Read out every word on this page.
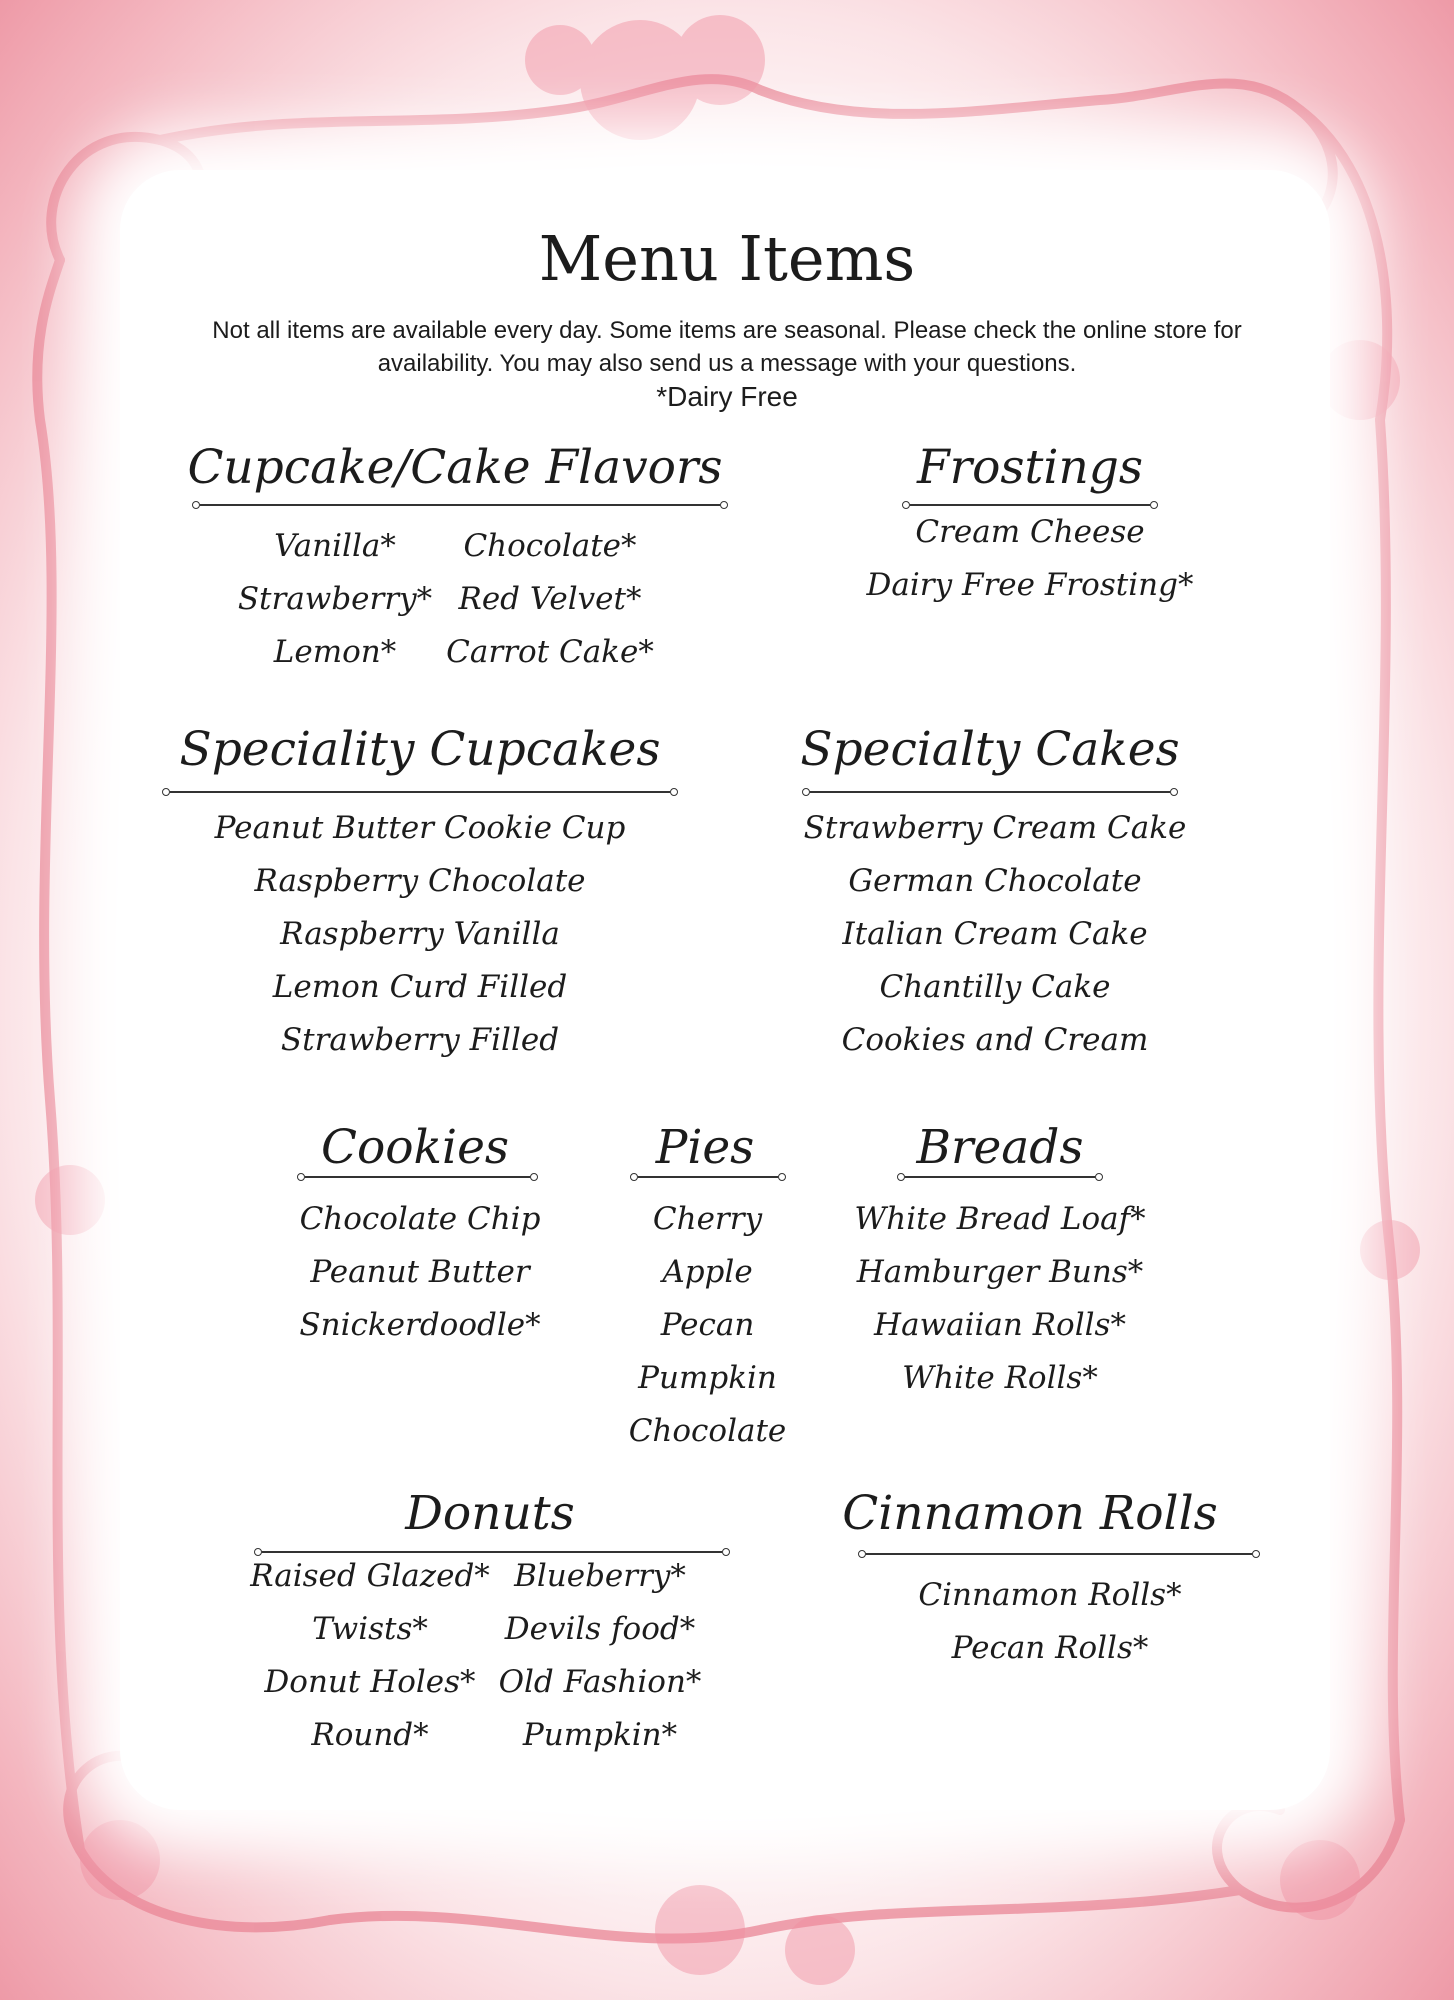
Menu Items
Not all items are available every day. Some items are seasonal. Please check the online store for availability. You may also send us a message with your questions.
*Dairy Free
Cupcake/Cake Flavors
Vanilla*
Strawberry*
Lemon*
Chocolate*
Red Velvet*
Carrot Cake*
Frostings
Cream Cheese
Dairy Free Frosting*
Speciality Cupcakes
Peanut Butter Cookie Cup
Raspberry Chocolate
Raspberry Vanilla
Lemon Curd Filled
Strawberry Filled
Specialty Cakes
Strawberry Cream Cake
German Chocolate
Italian Cream Cake
Chantilly Cake
Cookies and Cream
Cookies
Chocolate Chip
Peanut Butter
Snickerdoodle*
Pies
Cherry
Apple
Pecan
Pumpkin
Chocolate
Breads
White Bread Loaf*
Hamburger Buns*
Hawaiian Rolls*
White Rolls*
Donuts
Raised Glazed*
Twists*
Donut Holes*
Round*
Blueberry*
Devils food*
Old Fashion*
Pumpkin*
Cinnamon Rolls
Cinnamon Rolls*
Pecan Rolls*
